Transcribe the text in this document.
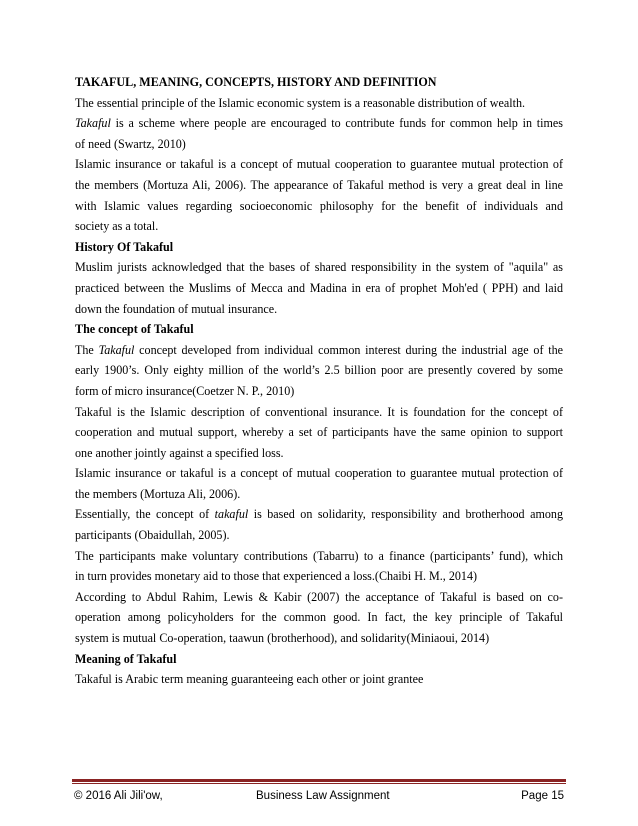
TAKAFUL, MEANING, CONCEPTS, HISTORY AND DEFINITION
The essential principle of the Islamic economic system is a reasonable distribution of wealth.
Takaful is a scheme where people are encouraged to contribute funds for common help in times
of need (Swartz, 2010)
Islamic insurance or takaful is a concept of mutual cooperation to guarantee mutual protection of
the members (Mortuza Ali, 2006). The appearance of Takaful method is very a great deal in line
with Islamic values regarding socioeconomic philosophy for the benefit of individuals and
society as a total.
History Of Takaful
Muslim jurists acknowledged that the bases of shared responsibility in the system of "aquila" as
practiced between the Muslims of Mecca and Madina in era of prophet Moh'ed ( PPH) and laid
down the foundation of mutual insurance.
The concept of Takaful
The Takaful concept developed from individual common interest during the industrial age of the
early 1900’s. Only eighty million of the world’s 2.5 billion poor are presently covered by some
form of micro insurance(Coetzer N. P., 2010)
Takaful is the Islamic description of conventional insurance. It is foundation for the concept of
cooperation and mutual support, whereby a set of participants have the same opinion to support
one another jointly against a specified loss.
Islamic insurance or takaful is a concept of mutual cooperation to guarantee mutual protection of
the members (Mortuza Ali, 2006).
Essentially, the concept of takaful is based on solidarity, responsibility and brotherhood among
participants (Obaidullah, 2005).
The participants make voluntary contributions (Tabarru) to a finance (participants’ fund), which
in turn provides monetary aid to those that experienced a loss.(Chaibi H. M., 2014)
According to Abdul Rahim, Lewis & Kabir (2007) the acceptance of Takaful is based on co-
operation among policyholders for the common good. In fact, the key principle of Takaful
system is mutual Co-operation, taawun (brotherhood), and solidarity(Miniaoui, 2014)
Meaning of Takaful
Takaful is Arabic term meaning guaranteeing each other or joint grantee
© 2016 Ali Jili'ow,	Business Law Assignment	Page 15
